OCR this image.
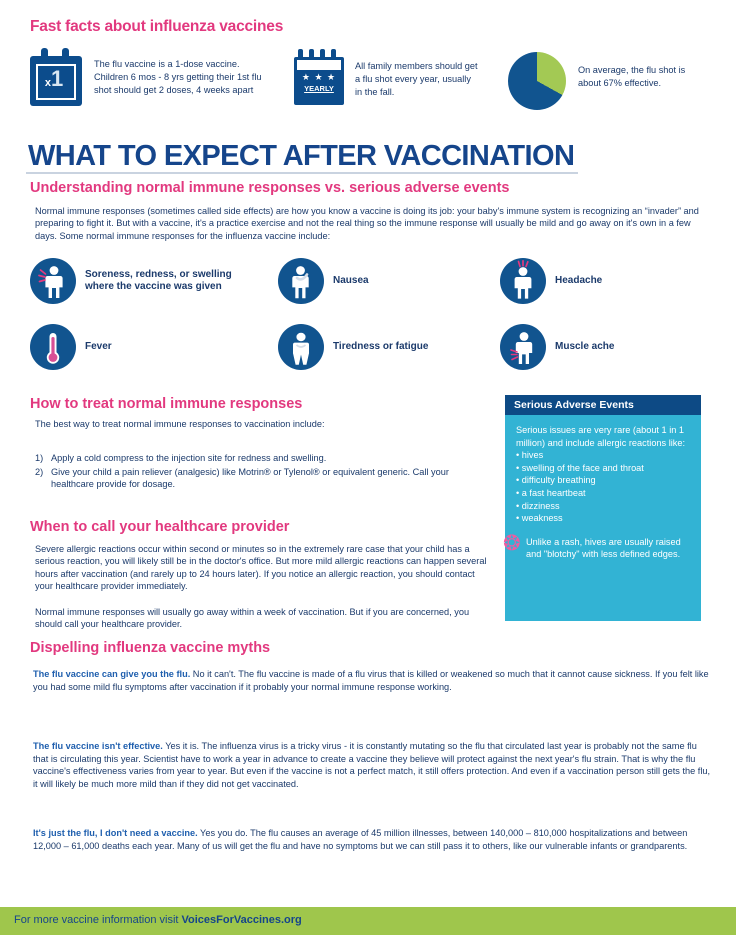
Fast facts about influenza vaccines
x1
The flu vaccine is a 1-dose vaccine. Children 6 mos - 8 yrs getting their 1st flu shot should get 2 doses, 4 weeks apart
★ ★ ★
YEARLY
All family members should get a flu shot every year, usually in the fall.
On average, the flu shot is about 67% effective.
WHAT TO EXPECT AFTER VACCINATION
Understanding normal immune responses vs. serious adverse events
Normal immune responses (sometimes called side effects) are how you know a vaccine is doing its job: your baby's immune system is recognizing an “invader” and preparing to fight it. But with a vaccine, it's a practice exercise and not the real thing so the immune response will usually be mild and go away on it's own in a few days. Some normal immune responses for the influenza vaccine include:
Soreness, redness, or swelling where the vaccine was given
Nausea	Headache
Fever	Tiredness or fatigue	Muscle ache
How to treat normal immune responses
The best way to treat normal immune responses to vaccination include:
1) Apply a cold compress to the injection site for redness and swelling.
2) Give your child a pain reliever (analgesic) like Motrin® or Tylenol® or equivalent generic. Call your healthcare provide for dosage.
Serious Adverse Events
Serious issues are very rare (about 1 in 1 million) and include allergic reactions like:
• hives
• swelling of the face and throat
• difficulty breathing
• a fast heartbeat
• dizziness
• weakness
❂ Unlike a rash, hives are usually raised and "blotchy" with less defined edges.
When to call your healthcare provider
Severe allergic reactions occur within second or minutes so in the extremely rare case that your child has a serious reaction, you will likely still be in the doctor's office. But more mild allergic reactions can happen several hours after vaccination (and rarely up to 24 hours later). If you notice an allergic reaction, you should contact your healthcare provider immediately.
Normal immune responses will usually go away within a week of vaccination. But if you are concerned, you should call your healthcare provider.
Dispelling influenza vaccine myths
The flu vaccine can give you the flu. No it can't. The flu vaccine is made of a flu virus that is killed or weakened so much that it cannot cause sickness. If you felt like you had some mild flu symptoms after vaccination if it probably your normal immune response working.
The flu vaccine isn't effective. Yes it is. The influenza virus is a tricky virus - it is constantly mutating so the flu that circulated last year is probably not the same flu that is circulating this year. Scientist have to work a year in advance to create a vaccine they believe will protect against the next year's flu strain. That is why the flu vaccine's effectiveness varies from year to year. But even if the vaccine is not a perfect match, it still offers protection. And even if a vaccination person still gets the flu, it will likely be much more mild than if they did not get vaccinated.
It's just the flu, I don't need a vaccine. Yes you do. The flu causes an average of 45 million illnesses, between 140,000 – 810,000 hospitalizations and between 12,000 – 61,000 deaths each year. Many of us will get the flu and have no symptoms but we can still pass it to others, like our vulnerable infants or grandparents.
For more vaccine information visit VoicesForVaccines.org
